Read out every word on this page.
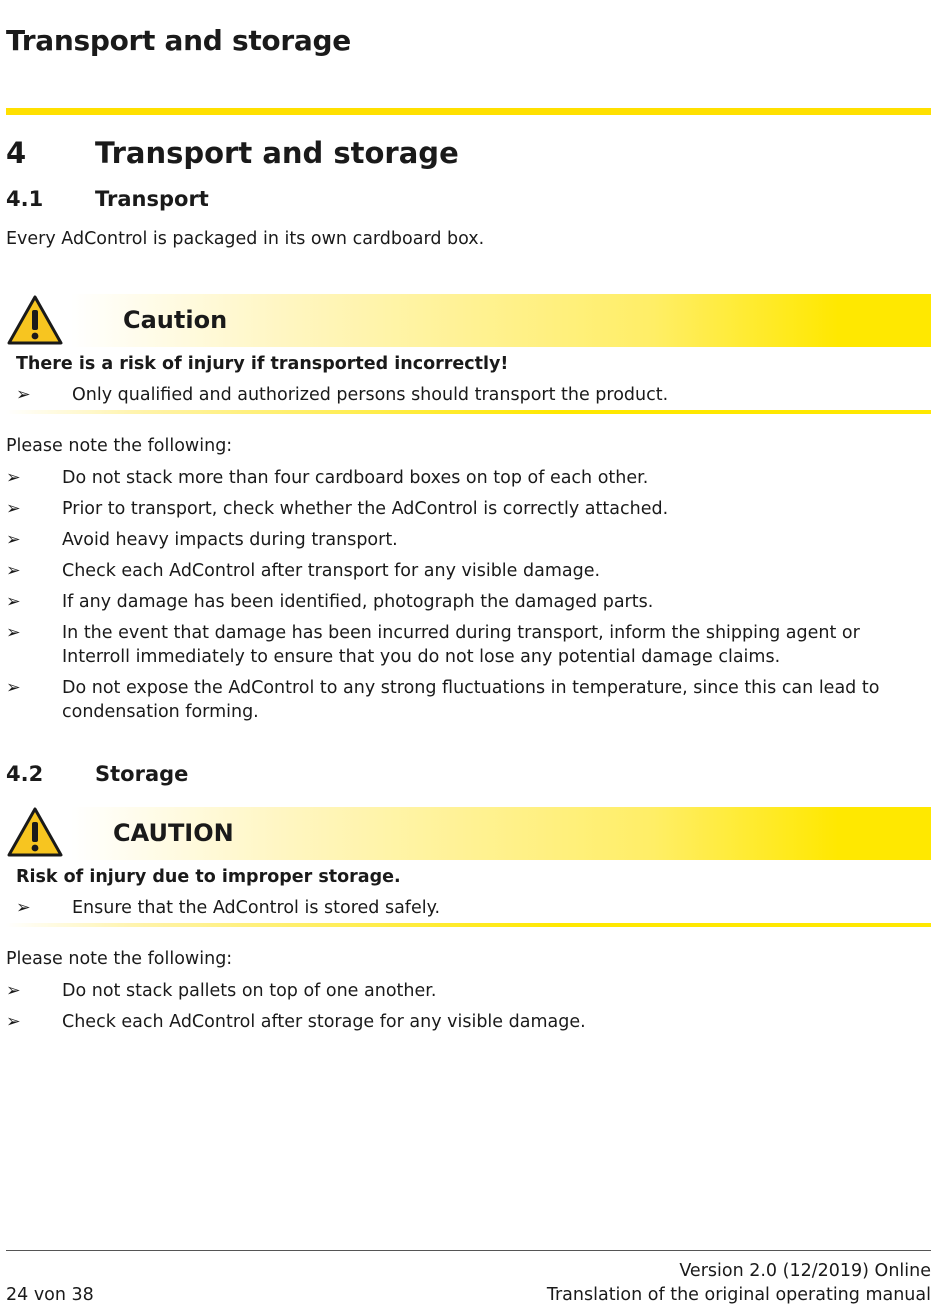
Transport and storage
4 Transport and storage
4.1 Transport
Every AdControl is packaged in its own cardboard box.
Caution
There is a risk of injury if transported incorrectly!
➢ Only qualified and authorized persons should transport the product.
Please note the following:
➢	Do not stack more than four cardboard boxes on top of each other.
➢	Prior to transport, check whether the AdControl is correctly attached.
➢	Avoid heavy impacts during transport.
➢	Check each AdControl after transport for any visible damage.
➢	If any damage has been identified, photograph the damaged parts.
➢	In the event that damage has been incurred during transport, inform the shipping agent or Interroll immediately to ensure that you do not lose any potential damage claims.
➢	Do not expose the AdControl to any strong fluctuations in temperature, since this can lead to condensation forming.
4.2 Storage
CAUTION
Risk of injury due to improper storage.
➢ Ensure that the AdControl is stored safely.
Please note the following:
➢	Do not stack pallets on top of one another.
➢	Check each AdControl after storage for any visible damage.
24 von 38
Version 2.0 (12/2019) Online
Translation of the original operating manual
